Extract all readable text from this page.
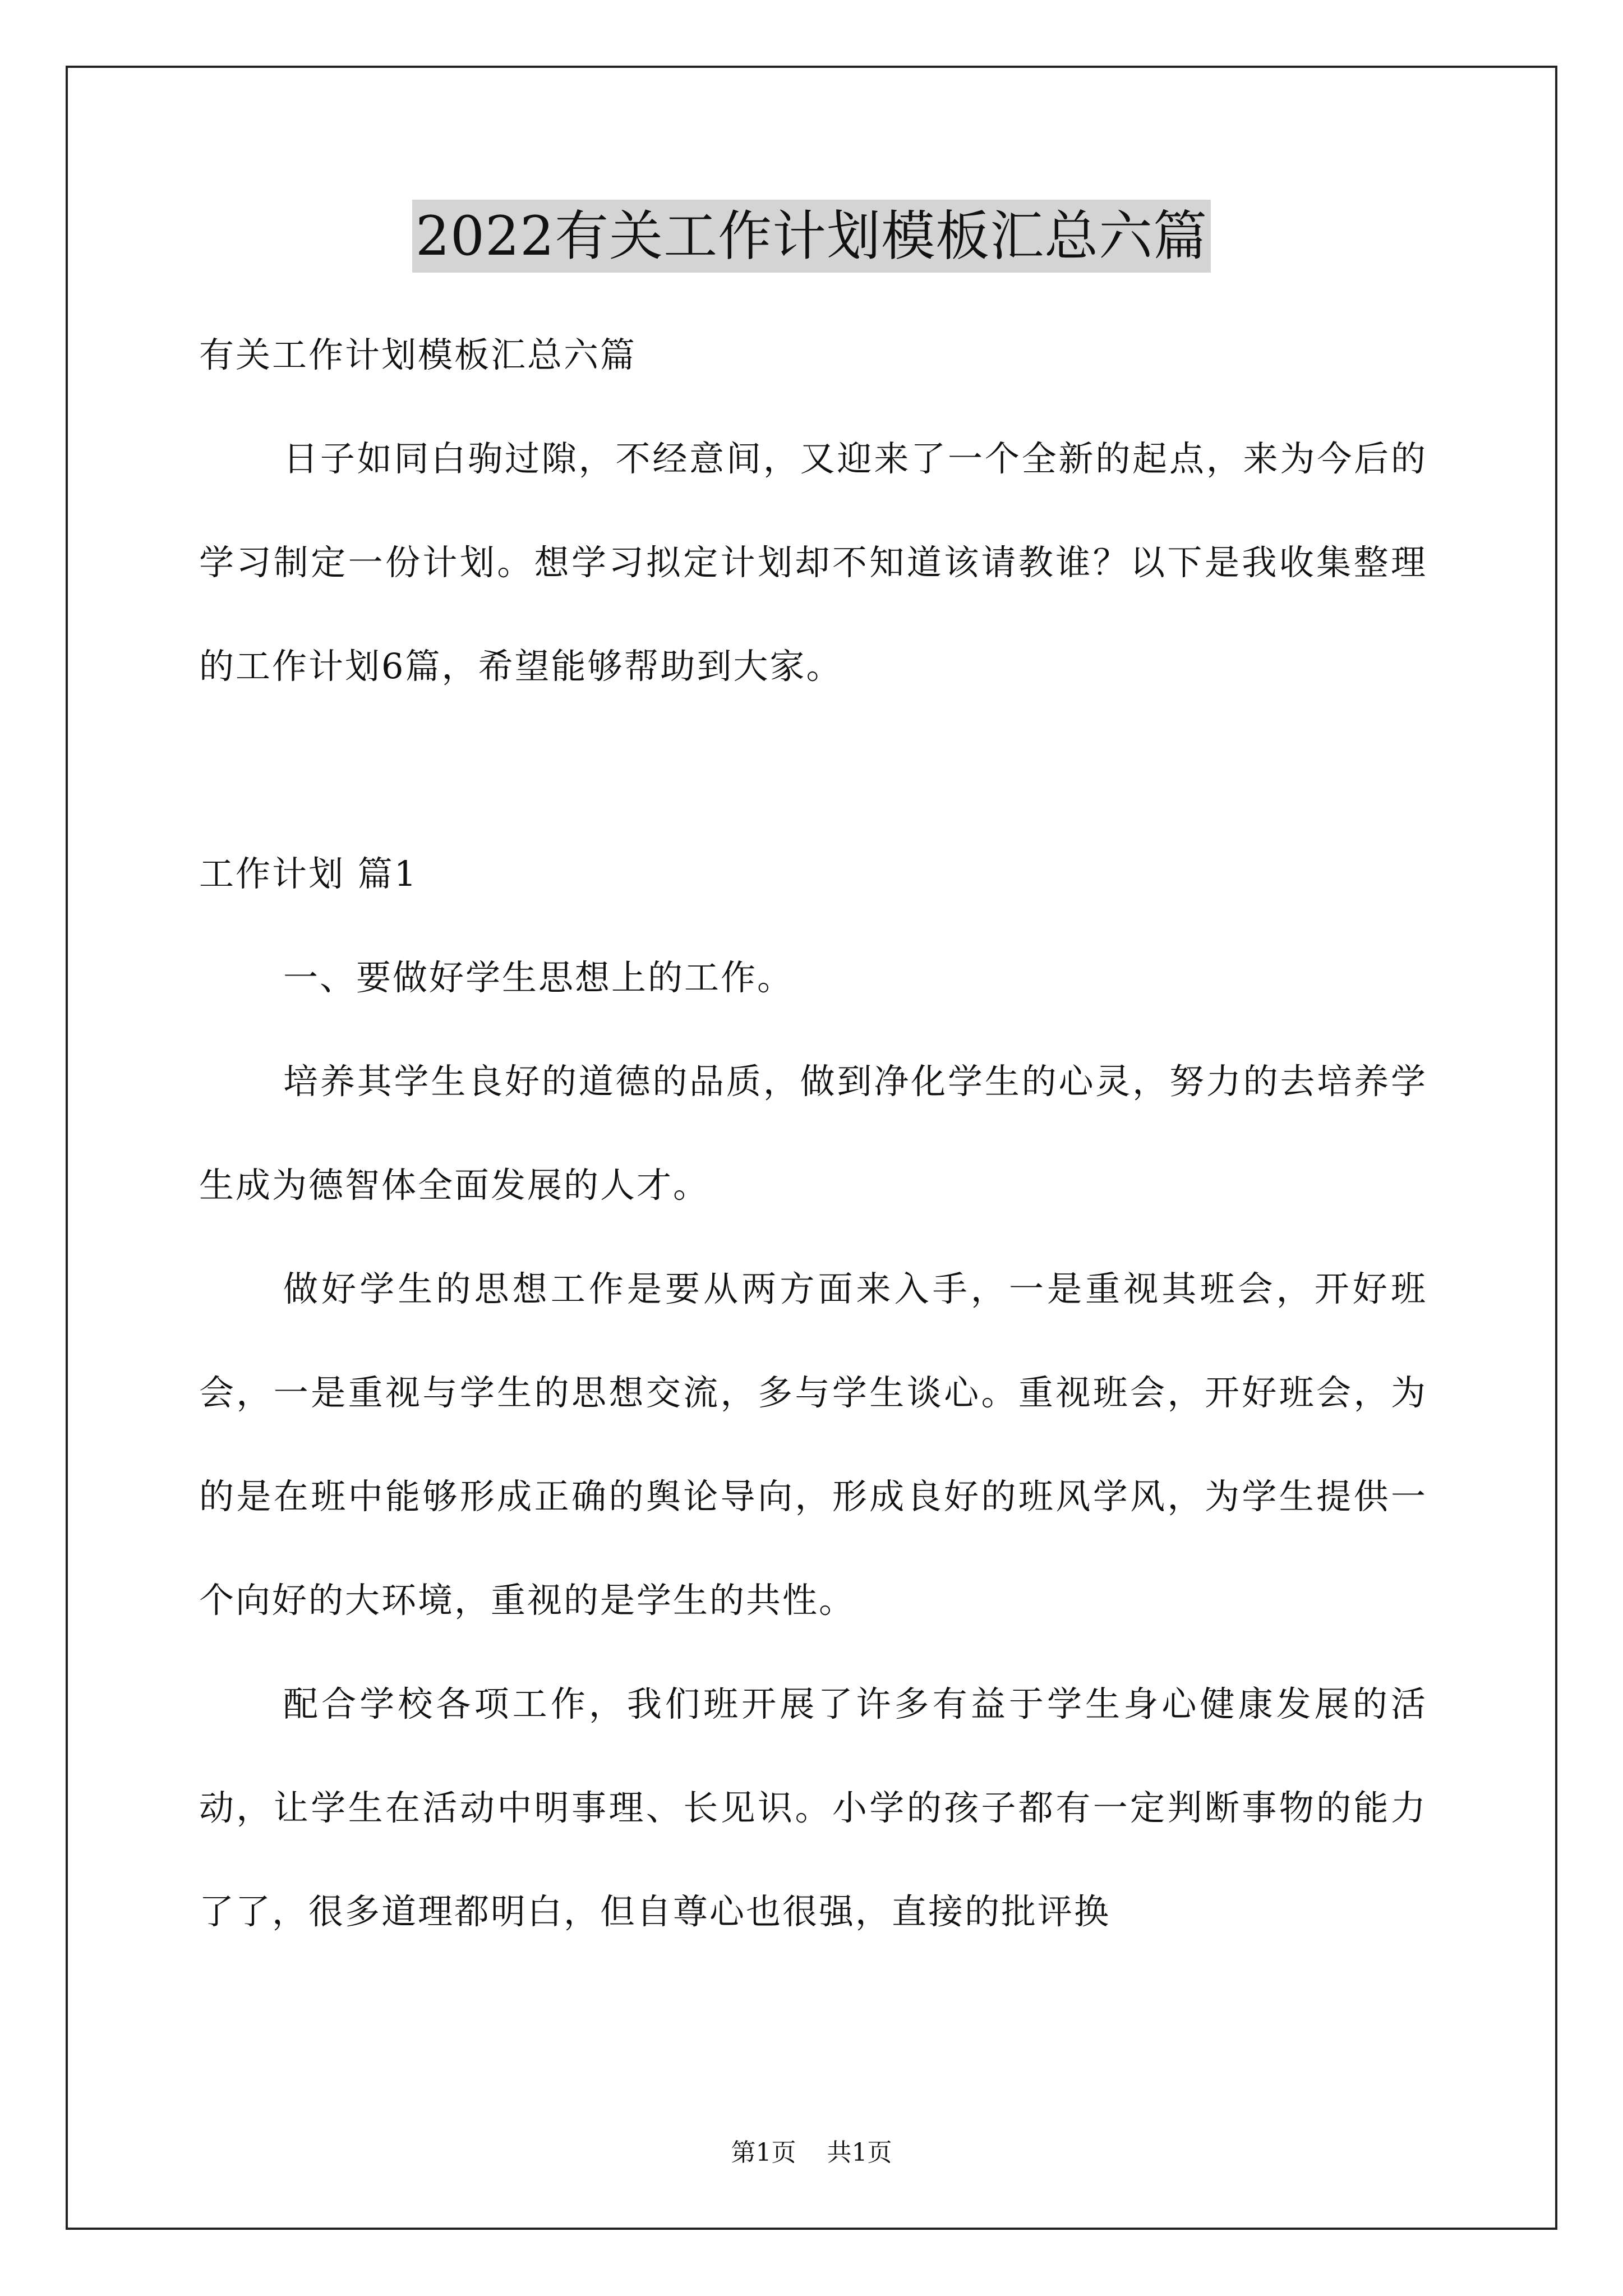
2022有关工作计划模板汇总六篇

有关工作计划模板汇总六篇

日子如同白驹过隙，不经意间，又迎来了一个全新的起点，来为今后的学习制定一份计划。想学习拟定计划却不知道该请教谁？以下是我收集整理的工作计划6篇，希望能够帮助到大家。

工作计划 篇1

一、要做好学生思想上的工作。

培养其学生良好的道德的品质，做到净化学生的心灵，努力的去培养学生成为德智体全面发展的人才。

做好学生的思想工作是要从两方面来入手，一是重视其班会，开好班会，一是重视与学生的思想交流，多与学生谈心。重视班会，开好班会，为的是在班中能够形成正确的舆论导向，形成良好的班风学风，为学生提供一个向好的大环境，重视的是学生的共性。

配合学校各项工作，我们班开展了许多有益于学生身心健康发展的活动，让学生在活动中明事理、长见识。小学的孩子都有一定判断事物的能力了了，很多道理都明白，但自尊心也很强，直接的批评换

第1页 共1页
